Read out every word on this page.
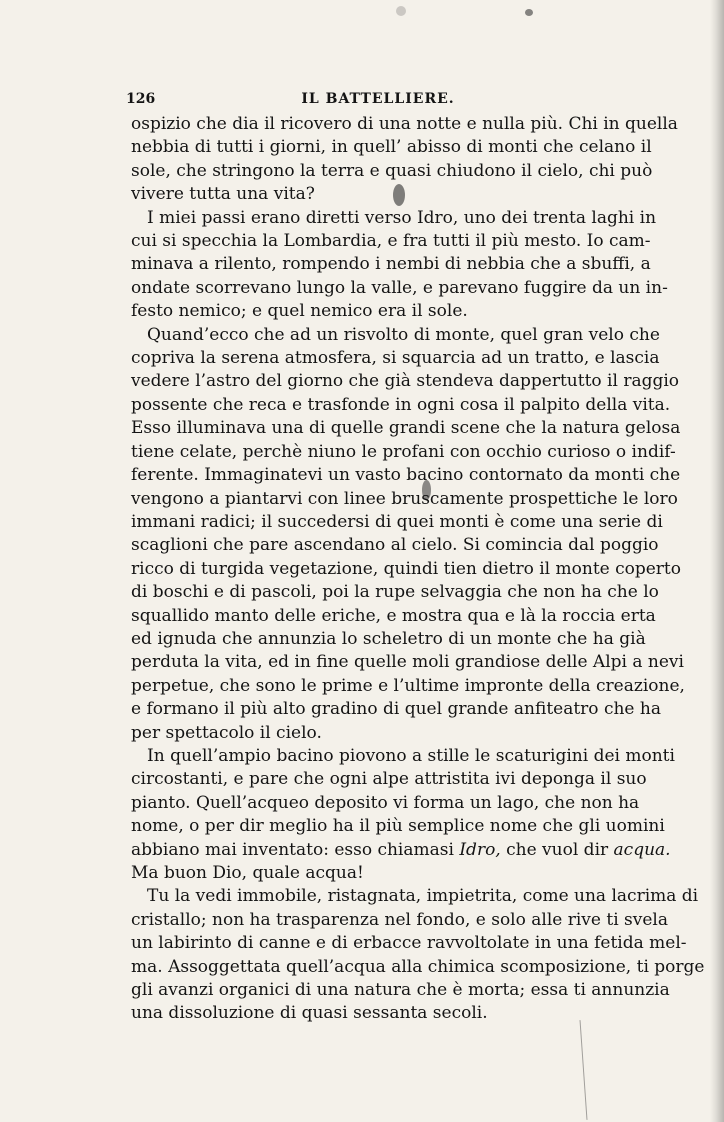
126	IL BATTELLIERE.
ospizio che dia il ricovero di una notte e nulla più. Chi in quella
nebbia di tutti i giorni, in quell’ abisso di monti che celano il
sole, che stringono la terra e quasi chiudono il cielo, chi può
vivere tutta una vita?
I miei passi erano diretti verso Idro, uno dei trenta laghi in
cui si specchia la Lombardia, e fra tutti il più mesto. Io cam-
minava a rilento, rompendo i nembi di nebbia che a sbuffi, a
ondate scorrevano lungo la valle, e parevano fuggire da un in-
festo nemico; e quel nemico era il sole.
Quand’ecco che ad un risvolto di monte, quel gran velo che
copriva la serena atmosfera, si squarcia ad un tratto, e lascia
vedere l’astro del giorno che già stendeva dappertutto il raggio
possente che reca e trasfonde in ogni cosa il palpito della vita.
Esso illuminava una di quelle grandi scene che la natura gelosa
tiene celate, perchè niuno le profani con occhio curioso o indif-
ferente. Immaginatevi un vasto bacino contornato da monti che
vengono a piantarvi con linee bruscamente prospettiche le loro
immani radici; il succedersi di quei monti è come una serie di
scaglioni che pare ascendano al cielo. Si comincia dal poggio
ricco di turgida vegetazione, quindi tien dietro il monte coperto
di boschi e di pascoli, poi la rupe selvaggia che non ha che lo
squallido manto delle eriche, e mostra qua e là la roccia erta
ed ignuda che annunzia lo scheletro di un monte che ha già
perduta la vita, ed in fine quelle moli grandiose delle Alpi a nevi
perpetue, che sono le prime e l’ultime impronte della creazione,
e formano il più alto gradino di quel grande anfiteatro che ha
per spettacolo il cielo.
In quell’ampio bacino piovono a stille le scaturigini dei monti
circostanti, e pare che ogni alpe attristita ivi deponga il suo
pianto. Quell’acqueo deposito vi forma un lago, che non ha
nome, o per dir meglio ha il più semplice nome che gli uomini
abbiano mai inventato: esso chiamasi Idro, che vuol dir acqua.
Ma buon Dio, quale acqua!
Tu la vedi immobile, ristagnata, impietrita, come una lacrima di
cristallo; non ha trasparenza nel fondo, e solo alle rive ti svela
un labirinto di canne e di erbacce ravvoltolate in una fetida mel-
ma. Assoggettata quell’acqua alla chimica scomposizione, ti porge
gli avanzi organici di una natura che è morta; essa ti annunzia
una dissoluzione di quasi sessanta secoli.
